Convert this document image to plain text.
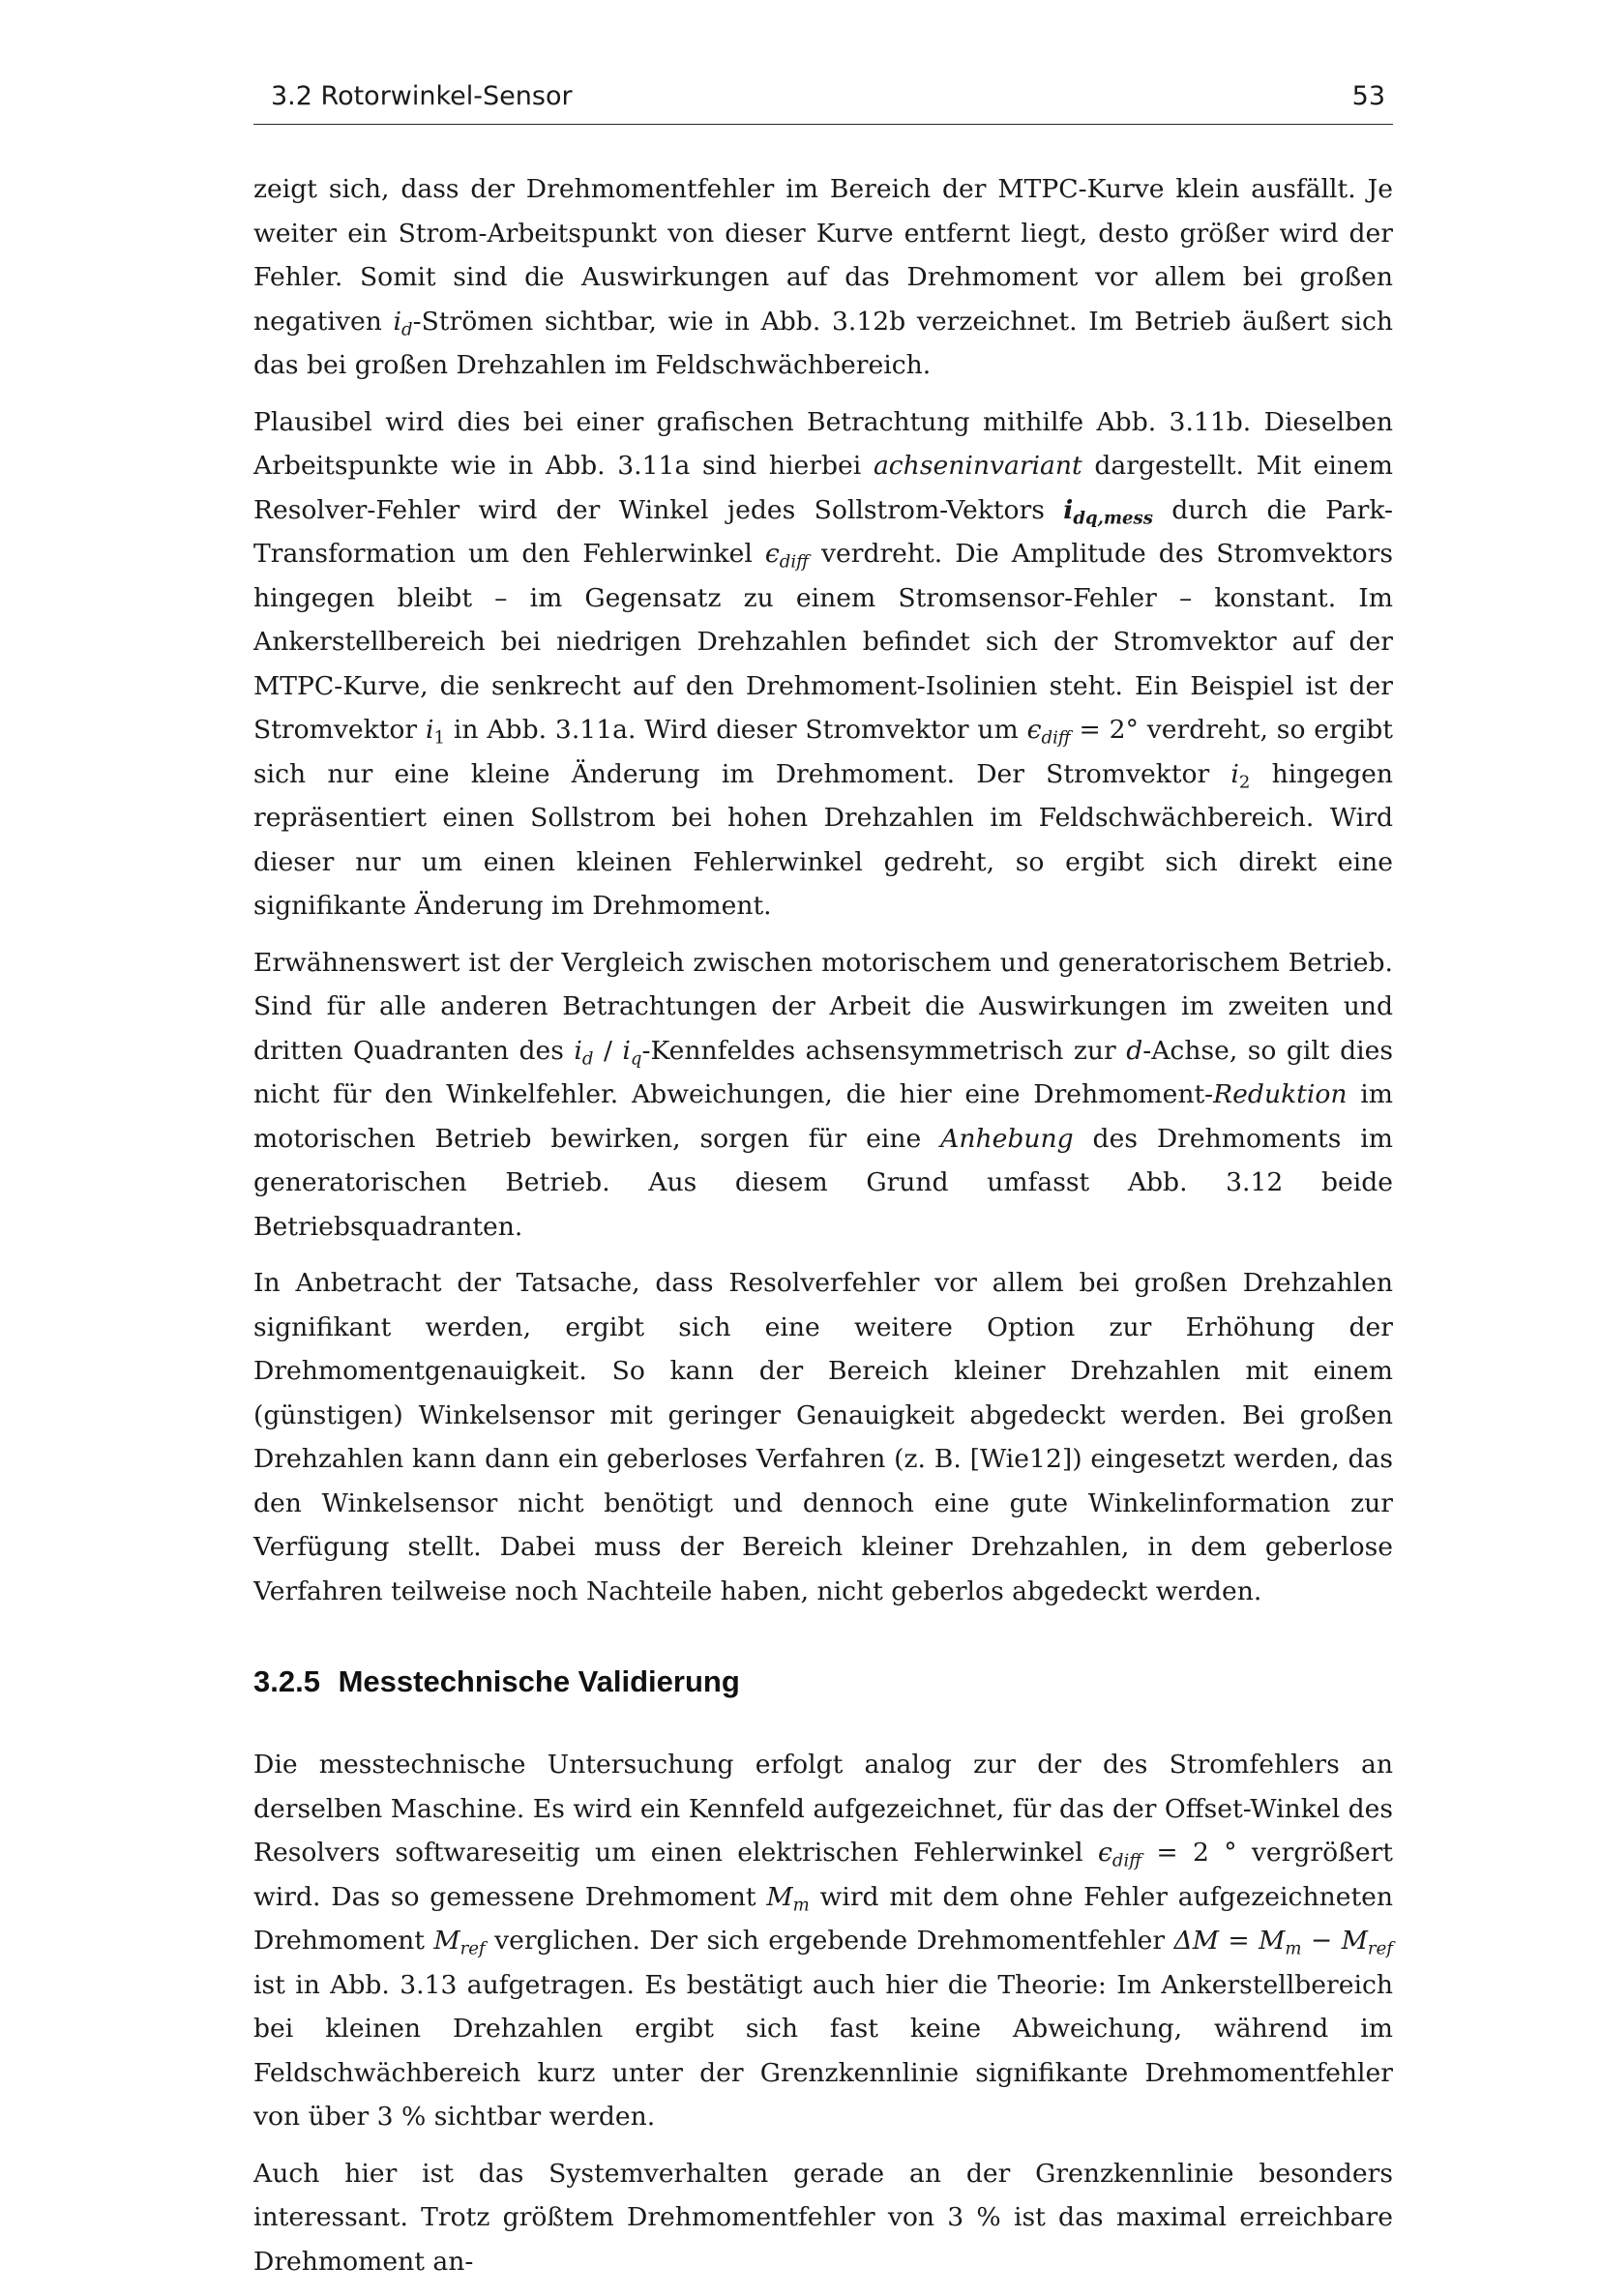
3.2 Rotorwinkel-Sensor	53

zeigt sich, dass der Drehmomentfehler im Bereich der MTPC-Kurve klein ausfällt. Je weiter ein Strom-Arbeitspunkt von dieser Kurve entfernt liegt, desto größer wird der Fehler. Somit sind die Auswirkungen auf das Drehmoment vor allem bei großen negativen $i_d$-Strömen sichtbar, wie in Abb. 3.12b verzeichnet. Im Betrieb äußert sich das bei großen Drehzahlen im Feldschwächbereich.

Plausibel wird dies bei einer grafischen Betrachtung mithilfe Abb. 3.11b. Dieselben Arbeitspunkte wie in Abb. 3.11a sind hierbei achseninvariant dargestellt. Mit einem Resolver-Fehler wird der Winkel jedes Sollstrom-Vektors $i_{dq,mess}$ durch die Park-Transformation um den Fehlerwinkel $\epsilon_{diff}$ verdreht. Die Amplitude des Stromvektors hingegen bleibt – im Gegensatz zu einem Stromsensor-Fehler – konstant. Im Ankerstellbereich bei niedrigen Drehzahlen befindet sich der Stromvektor auf der MTPC-Kurve, die senkrecht auf den Drehmoment-Isolinien steht. Ein Beispiel ist der Stromvektor $i_1$ in Abb. 3.11a. Wird dieser Stromvektor um $\epsilon_{diff} = 2^\circ$ verdreht, so ergibt sich nur eine kleine Änderung im Drehmoment. Der Stromvektor $i_2$ hingegen repräsentiert einen Sollstrom bei hohen Drehzahlen im Feldschwächbereich. Wird dieser nur um einen kleinen Fehlerwinkel gedreht, so ergibt sich direkt eine signifikante Änderung im Drehmoment.

Erwähnenswert ist der Vergleich zwischen motorischem und generatorischem Betrieb. Sind für alle anderen Betrachtungen der Arbeit die Auswirkungen im zweiten und dritten Quadranten des $i_d$ / $i_q$-Kennfeldes achsensymmetrisch zur d-Achse, so gilt dies nicht für den Winkelfehler. Abweichungen, die hier eine Drehmoment-Reduktion im motorischen Betrieb bewirken, sorgen für eine Anhebung des Drehmoments im generatorischen Betrieb. Aus diesem Grund umfasst Abb. 3.12 beide Betriebsquadranten.

In Anbetracht der Tatsache, dass Resolverfehler vor allem bei großen Drehzahlen signifikant werden, ergibt sich eine weitere Option zur Erhöhung der Drehmomentgenauigkeit. So kann der Bereich kleiner Drehzahlen mit einem (günstigen) Winkelsensor mit geringer Genauigkeit abgedeckt werden. Bei großen Drehzahlen kann dann ein geberloses Verfahren (z. B. [Wie12]) eingesetzt werden, das den Winkelsensor nicht benötigt und dennoch eine gute Winkelinformation zur Verfügung stellt. Dabei muss der Bereich kleiner Drehzahlen, in dem geberlose Verfahren teilweise noch Nachteile haben, nicht geberlos abgedeckt werden.

3.2.5 Messtechnische Validierung

Die messtechnische Untersuchung erfolgt analog zur der des Stromfehlers an derselben Maschine. Es wird ein Kennfeld aufgezeichnet, für das der Offset-Winkel des Resolvers softwareseitig um einen elektrischen Fehlerwinkel $\epsilon_{diff} = 2$ ° vergrößert wird. Das so gemessene Drehmoment $M_m$ wird mit dem ohne Fehler aufgezeichneten Drehmoment $M_{ref}$ verglichen. Der sich ergebende Drehmomentfehler $\Delta M = M_m - M_{ref}$ ist in Abb. 3.13 aufgetragen. Es bestätigt auch hier die Theorie: Im Ankerstellbereich bei kleinen Drehzahlen ergibt sich fast keine Abweichung, während im Feldschwächbereich kurz unter der Grenzkennlinie signifikante Drehmomentfehler von über 3 % sichtbar werden.

Auch hier ist das Systemverhalten gerade an der Grenzkennlinie besonders interessant. Trotz größtem Drehmomentfehler von 3 % ist das maximal erreichbare Drehmoment an-
